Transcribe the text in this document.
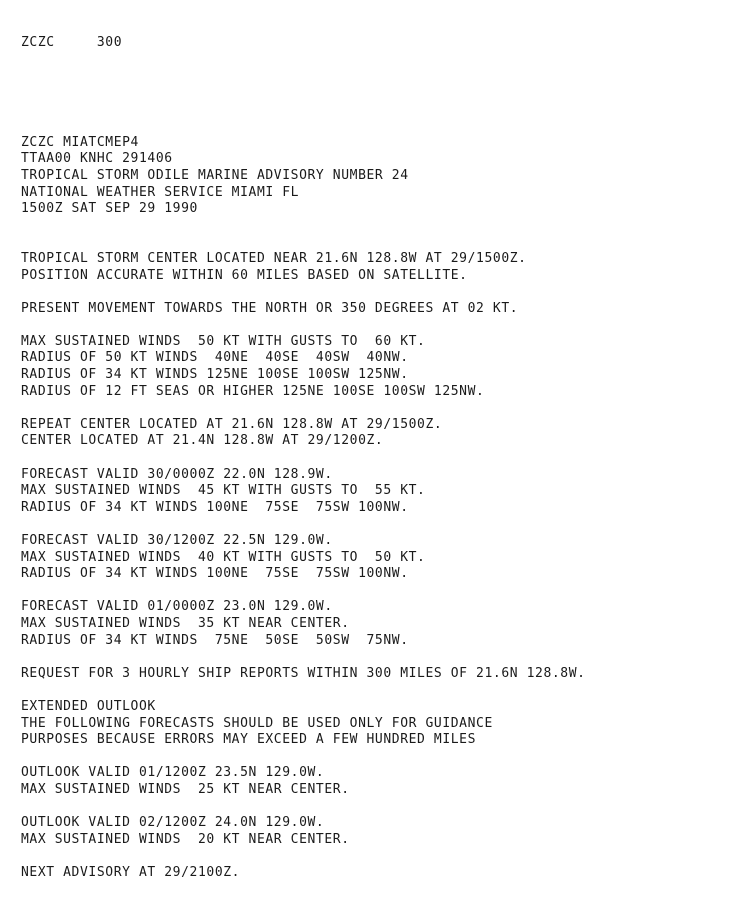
ZCZC     300

ZCZC MIATCMEP4
TTAA00 KNHC 291406
TROPICAL STORM ODILE MARINE ADVISORY NUMBER 24
NATIONAL WEATHER SERVICE MIAMI FL
1500Z SAT SEP 29 1990
TROPICAL STORM CENTER LOCATED NEAR 21.6N 128.8W AT 29/1500Z.
POSITION ACCURATE WITHIN 60 MILES BASED ON SATELLITE.
PRESENT MOVEMENT TOWARDS THE NORTH OR 350 DEGREES AT 02 KT.
MAX SUSTAINED WINDS  50 KT WITH GUSTS TO  60 KT.
RADIUS OF 50 KT WINDS  40NE  40SE  40SW  40NW.
RADIUS OF 34 KT WINDS 125NE 100SE 100SW 125NW.
RADIUS OF 12 FT SEAS OR HIGHER 125NE 100SE 100SW 125NW.
REPEAT CENTER LOCATED AT 21.6N 128.8W AT 29/1500Z.
CENTER LOCATED AT 21.4N 128.8W AT 29/1200Z.
FORECAST VALID 30/0000Z 22.0N 128.9W.
MAX SUSTAINED WINDS  45 KT WITH GUSTS TO  55 KT.
RADIUS OF 34 KT WINDS 100NE  75SE  75SW 100NW.
FORECAST VALID 30/1200Z 22.5N 129.0W.
MAX SUSTAINED WINDS  40 KT WITH GUSTS TO  50 KT.
RADIUS OF 34 KT WINDS 100NE  75SE  75SW 100NW.
FORECAST VALID 01/0000Z 23.0N 129.0W.
MAX SUSTAINED WINDS  35 KT NEAR CENTER.
RADIUS OF 34 KT WINDS  75NE  50SE  50SW  75NW.
REQUEST FOR 3 HOURLY SHIP REPORTS WITHIN 300 MILES OF 21.6N 128.8W.
EXTENDED OUTLOOK
THE FOLLOWING FORECASTS SHOULD BE USED ONLY FOR GUIDANCE
PURPOSES BECAUSE ERRORS MAY EXCEED A FEW HUNDRED MILES
OUTLOOK VALID 01/1200Z 23.5N 129.0W.
MAX SUSTAINED WINDS  25 KT NEAR CENTER.
OUTLOOK VALID 02/1200Z 24.0N 129.0W.
MAX SUSTAINED WINDS  20 KT NEAR CENTER.
NEXT ADVISORY AT 29/2100Z.
